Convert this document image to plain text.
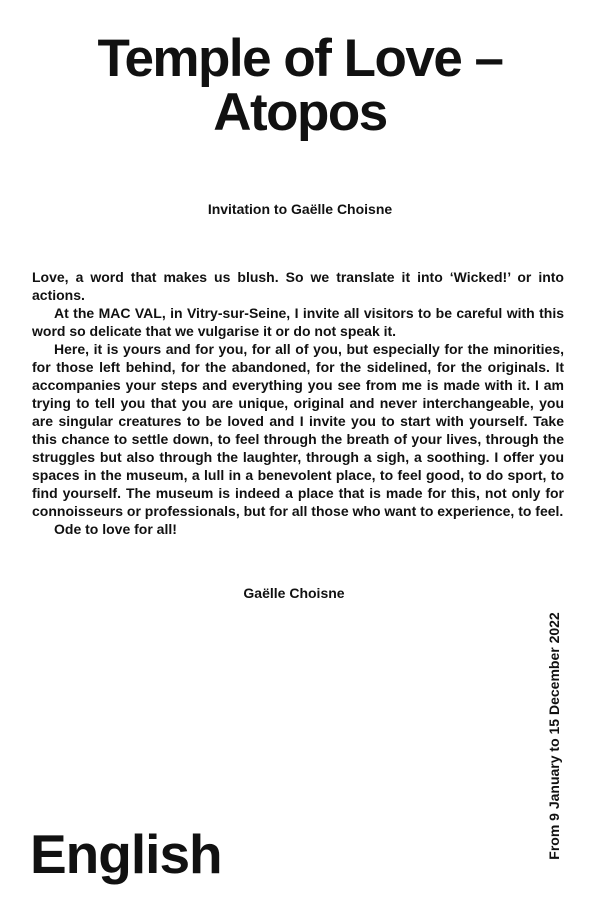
Temple of Love –
Atopos
Invitation to Gaëlle Choisne

Love, a word that makes us blush. So we translate it into ‘Wicked!’ or into actions.

At the MAC VAL, in Vitry-sur-Seine, I invite all visitors to be careful with this word so delicate that we vulgarise it or do not speak it.

Here, it is yours and for you, for all of you, but especially for the minorities, for those left behind, for the abandoned, for the sidelined, for the originals. It accompanies your steps and everything you see from me is made with it. I am trying to tell you that you are unique, original and never interchangeable, you are singular creatures to be loved and I invite you to start with yourself. Take this chance to settle down, to feel through the breath of your lives, through the struggles but also through the laughter, through a sigh, a soothing. I offer you spaces in the museum, a lull in a benevolent place, to feel good, to do sport, to find yourself. The museum is indeed a place that is made for this, not only for connoisseurs or professionals, but for all those who want to experience, to feel.

Ode to love for all!

Gaëlle Choisne
From 9 January to 15 December 2022
English
